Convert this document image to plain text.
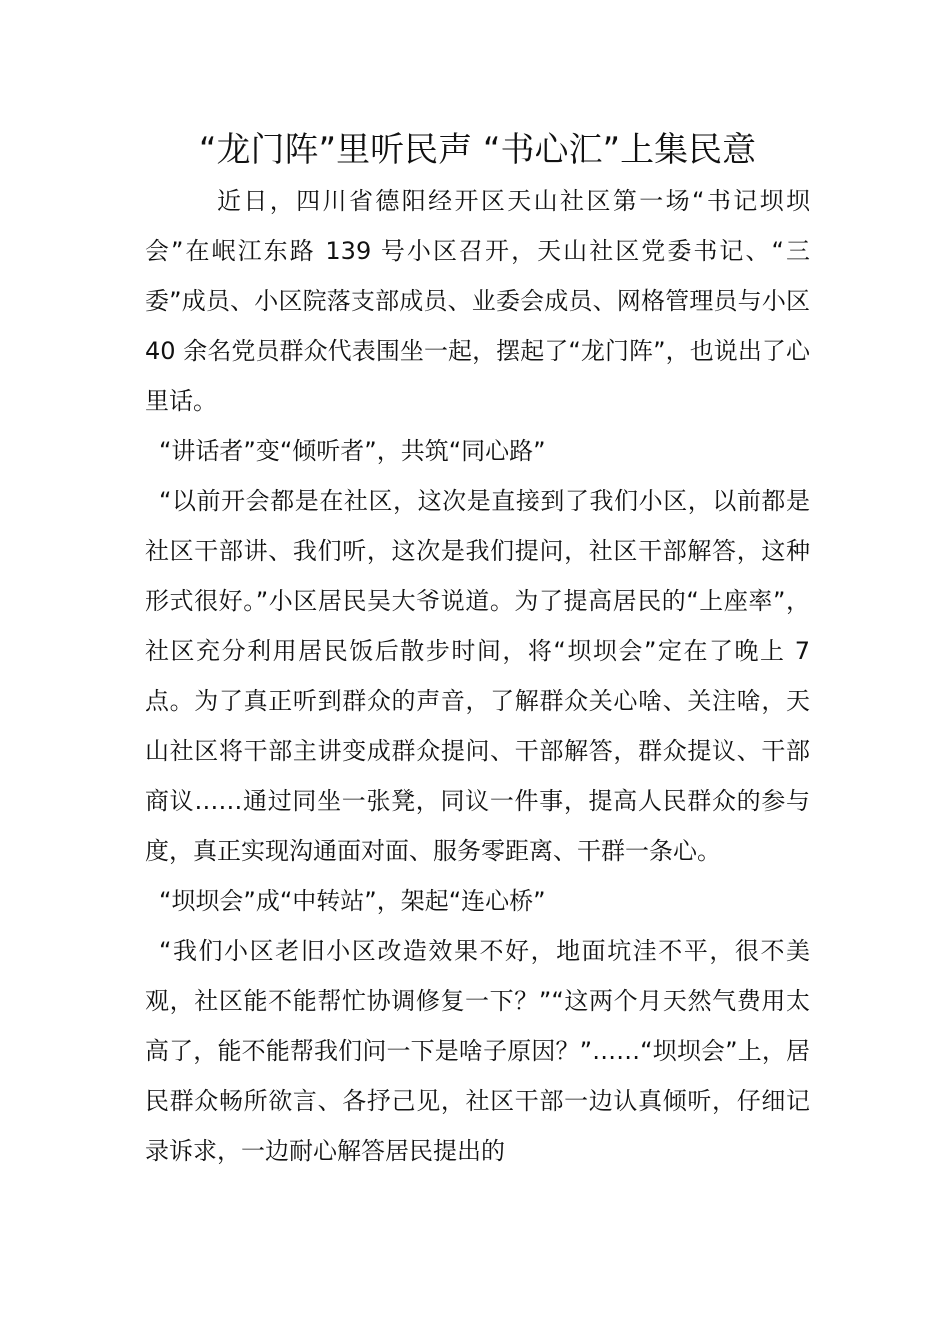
“龙门阵”里听民声 “书心汇”上集民意

近日，四川省德阳经开区天山社区第一场“书记坝坝会”在岷江东路 139 号小区召开，天山社区党委书记、“三委”成员、小区院落支部成员、业委会成员、网格管理员与小区 40 余名党员群众代表围坐一起，摆起了“龙门阵”，也说出了心里话。

“讲话者”变“倾听者”，共筑“同心路”

“以前开会都是在社区，这次是直接到了我们小区，以前都是社区干部讲、我们听，这次是我们提问，社区干部解答，这种形式很好。”小区居民吴大爷说道。为了提高居民的“上座率”，社区充分利用居民饭后散步时间，将“坝坝会”定在了晚上 7 点。为了真正听到群众的声音，了解群众关心啥、关注啥，天山社区将干部主讲变成群众提问、干部解答，群众提议、干部商议……通过同坐一张凳，同议一件事，提高人民群众的参与度，真正实现沟通面对面、服务零距离、干群一条心。

“坝坝会”成“中转站”，架起“连心桥”

“我们小区老旧小区改造效果不好，地面坑洼不平，很不美观，社区能不能帮忙协调修复一下？”“这两个月天然气费用太高了，能不能帮我们问一下是啥子原因？”……“坝坝会”上，居民群众畅所欲言、各抒己见，社区干部一边认真倾听，仔细记录诉求，一边耐心解答居民提出的
